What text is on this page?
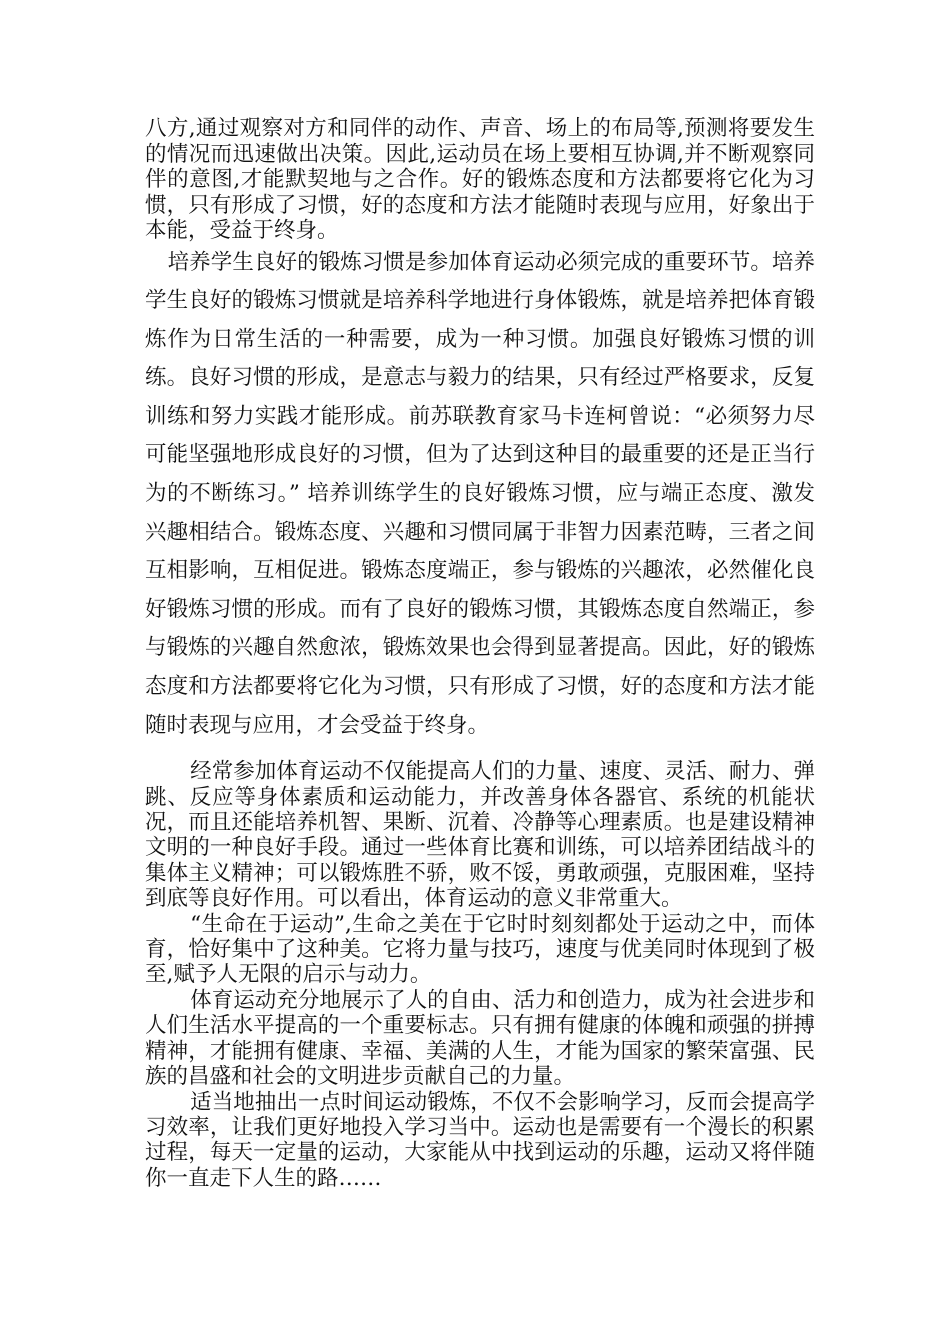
八方,通过观察对方和同伴的动作、声音、场上的布局等,预测将要发生的情况而迅速做出决策。因此,运动员在场上要相互协调,并不断观察同伴的意图,才能默契地与之合作。好的锻炼态度和方法都要将它化为习惯，只有形成了习惯，好的态度和方法才能随时表现与应用，好象出于本能，受益于终身。

培养学生良好的锻炼习惯是参加体育运动必须完成的重要环节。培养学生良好的锻炼习惯就是培养科学地进行身体锻炼，就是培养把体育锻炼作为日常生活的一种需要，成为一种习惯。加强良好锻炼习惯的训练。良好习惯的形成，是意志与毅力的结果，只有经过严格要求，反复训练和努力实践才能形成。前苏联教育家马卡连柯曾说：“必须努力尽可能坚强地形成良好的习惯，但为了达到这种目的最重要的还是正当行为的不断练习。” 培养训练学生的良好锻炼习惯，应与端正态度、激发兴趣相结合。锻炼态度、兴趣和习惯同属于非智力因素范畴，三者之间互相影响，互相促进。锻炼态度端正，参与锻炼的兴趣浓，必然催化良好锻炼习惯的形成。而有了良好的锻炼习惯，其锻炼态度自然端正，参与锻炼的兴趣自然愈浓，锻炼效果也会得到显著提高。因此，好的锻炼态度和方法都要将它化为习惯，只有形成了习惯，好的态度和方法才能随时表现与应用，才会受益于终身。

经常参加体育运动不仅能提高人们的力量、速度、灵活、耐力、弹跳、反应等身体素质和运动能力，并改善身体各器官、系统的机能状况，而且还能培养机智、果断、沉着、冷静等心理素质。也是建设精神文明的一种良好手段。通过一些体育比赛和训练，可以培养团结战斗的集体主义精神；可以锻炼胜不骄，败不馁，勇敢顽强，克服困难，坚持到底等良好作用。可以看出，体育运动的意义非常重大。

“生命在于运动”,生命之美在于它时时刻刻都处于运动之中，而体育，恰好集中了这种美。它将力量与技巧，速度与优美同时体现到了极至,赋予人无限的启示与动力。

体育运动充分地展示了人的自由、活力和创造力，成为社会进步和人们生活水平提高的一个重要标志。只有拥有健康的体魄和顽强的拼搏精神，才能拥有健康、幸福、美满的人生，才能为国家的繁荣富强、民族的昌盛和社会的文明进步贡献自己的力量。

适当地抽出一点时间运动锻炼，不仅不会影响学习，反而会提高学习效率，让我们更好地投入学习当中。运动也是需要有一个漫长的积累过程，每天一定量的运动，大家能从中找到运动的乐趣，运动又将伴随你一直走下人生的路……
